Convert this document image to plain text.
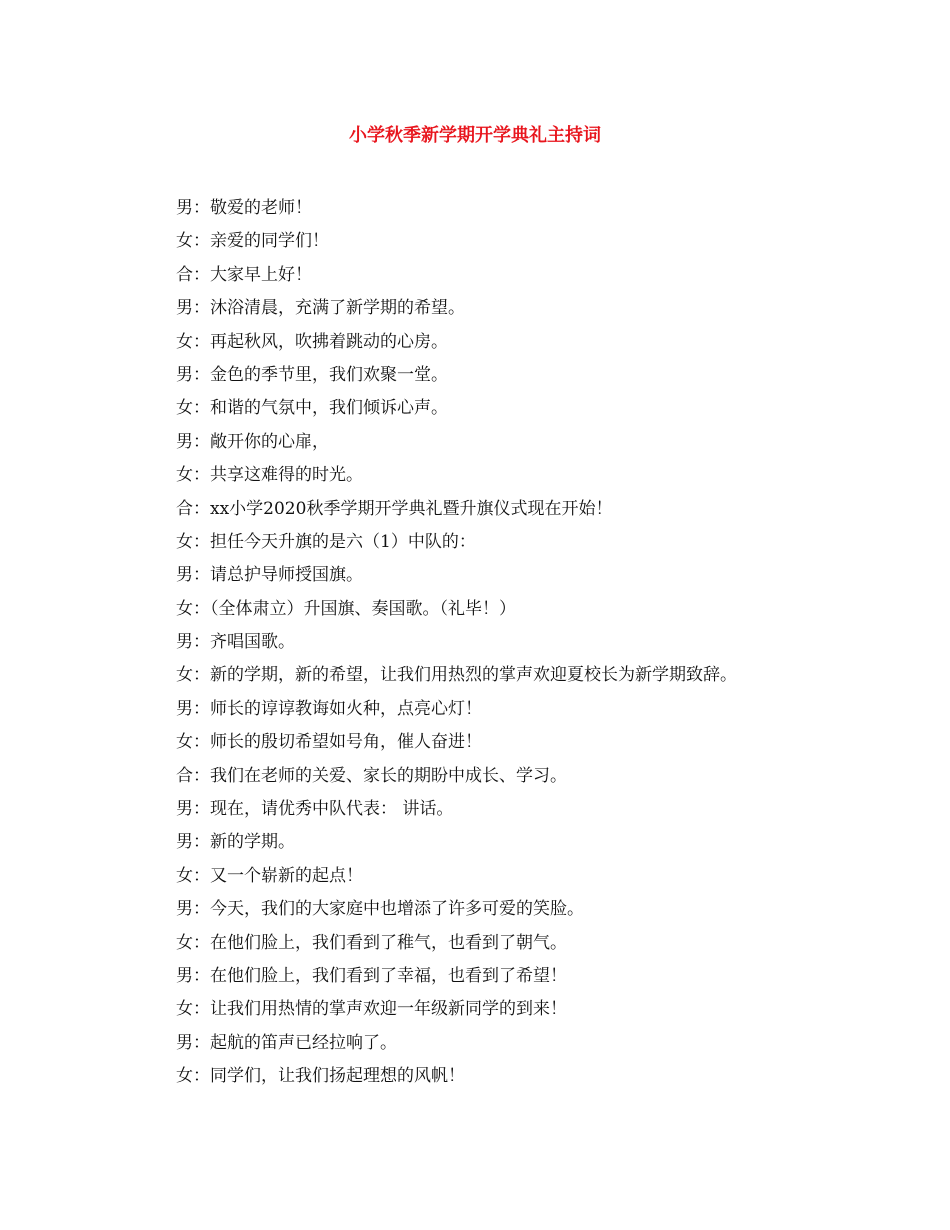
小学秋季新学期开学典礼主持词
男：敬爱的老师！
女：亲爱的同学们！
合：大家早上好！
男：沐浴清晨，充满了新学期的希望。
女：再起秋风，吹拂着跳动的心房。
男：金色的季节里，我们欢聚一堂。
女：和谐的气氛中，我们倾诉心声。
男：敞开你的心扉，
女：共享这难得的时光。
合：xx小学2020秋季学期开学典礼暨升旗仪式现在开始！
女：担任今天升旗的是六（1）中队的：
男：请总护导师授国旗。
女：（全体肃立）升国旗、奏国歌。（礼毕！）
男：齐唱国歌。
女：新的学期，新的希望，让我们用热烈的掌声欢迎夏校长为新学期致辞。
男：师长的谆谆教诲如火种，点亮心灯！
女：师长的殷切希望如号角，催人奋进！
合：我们在老师的关爱、家长的期盼中成长、学习。
男：现在，请优秀中队代表： 讲话。
男：新的学期。
女：又一个崭新的起点！
男：今天，我们的大家庭中也增添了许多可爱的笑脸。
女：在他们脸上，我们看到了稚气，也看到了朝气。
男：在他们脸上，我们看到了幸福，也看到了希望！
女：让我们用热情的掌声欢迎一年级新同学的到来！
男：起航的笛声已经拉响了。
女：同学们，让我们扬起理想的风帆！
